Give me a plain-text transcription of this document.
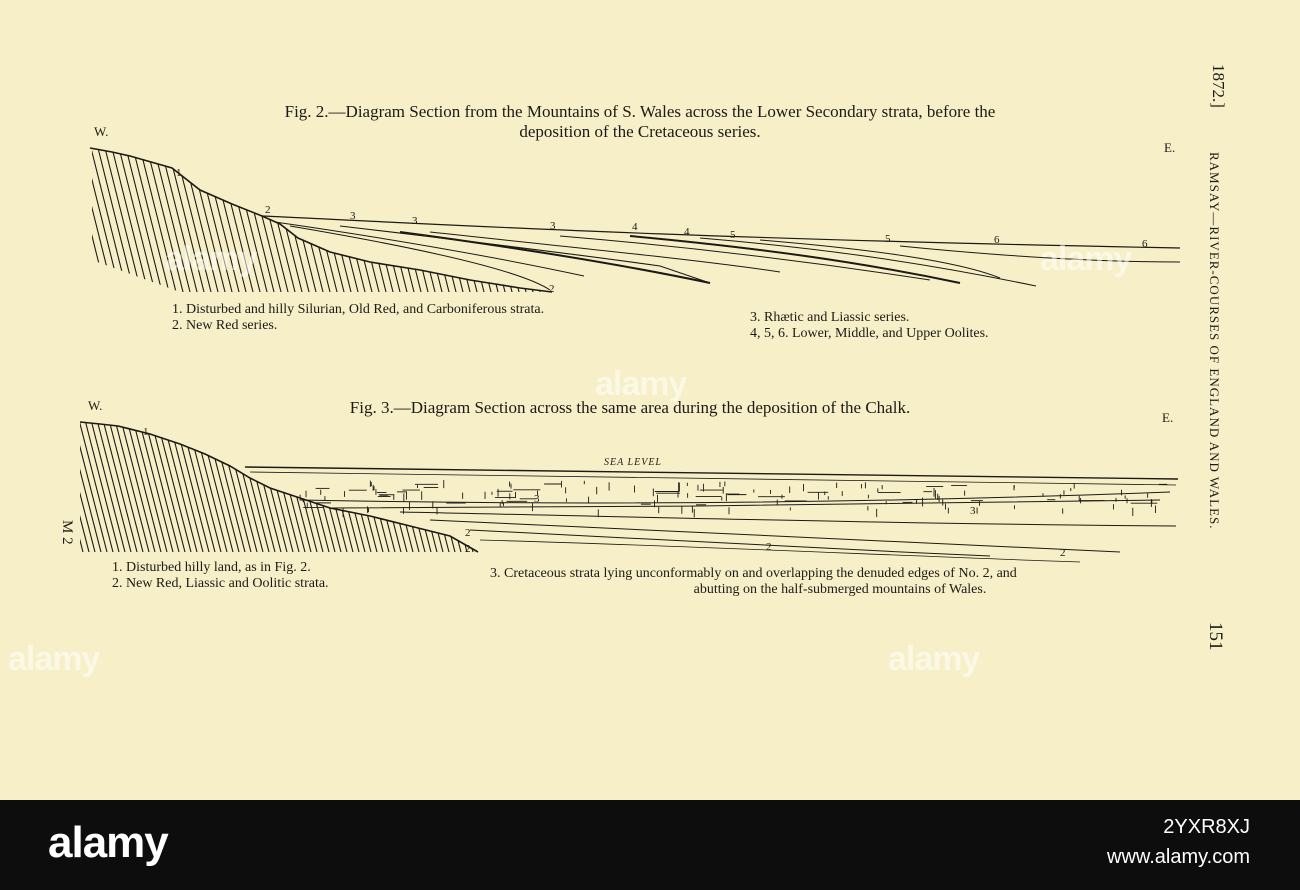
1872.]
RAMSAY—RIVER-COURSES OF ENGLAND AND WALES.
151
M 2
Fig. 2.—Diagram Section from the Mountains of S. Wales across the Lower Secondary strata, before the
deposition of the Cretaceous series.
W.
E.
1
2
2
3	3	3	4	4	5	5	6	6
1. Disturbed and hilly Silurian, Old Red, and Carboniferous strata.
2. New Red series.
3. Rhætic and Liassic series.
4, 5, 6. Lower, Middle, and Upper Oolites.
Fig. 3.—Diagram Section across the same area during the deposition of the Chalk.
W.
E.
SEA LEVEL
1
2
2	2	2
3
3
1. Disturbed hilly land, as in Fig. 2.
2. New Red, Liassic and Oolitic strata.
3. Cretaceous strata lying unconformably on and overlapping the denuded edges of No. 2, and
abutting on the half-submerged mountains of Wales.
alamy	alamy
alamy
alamy	alamy
alamy	2YXR8XJ
www.alamy.com
